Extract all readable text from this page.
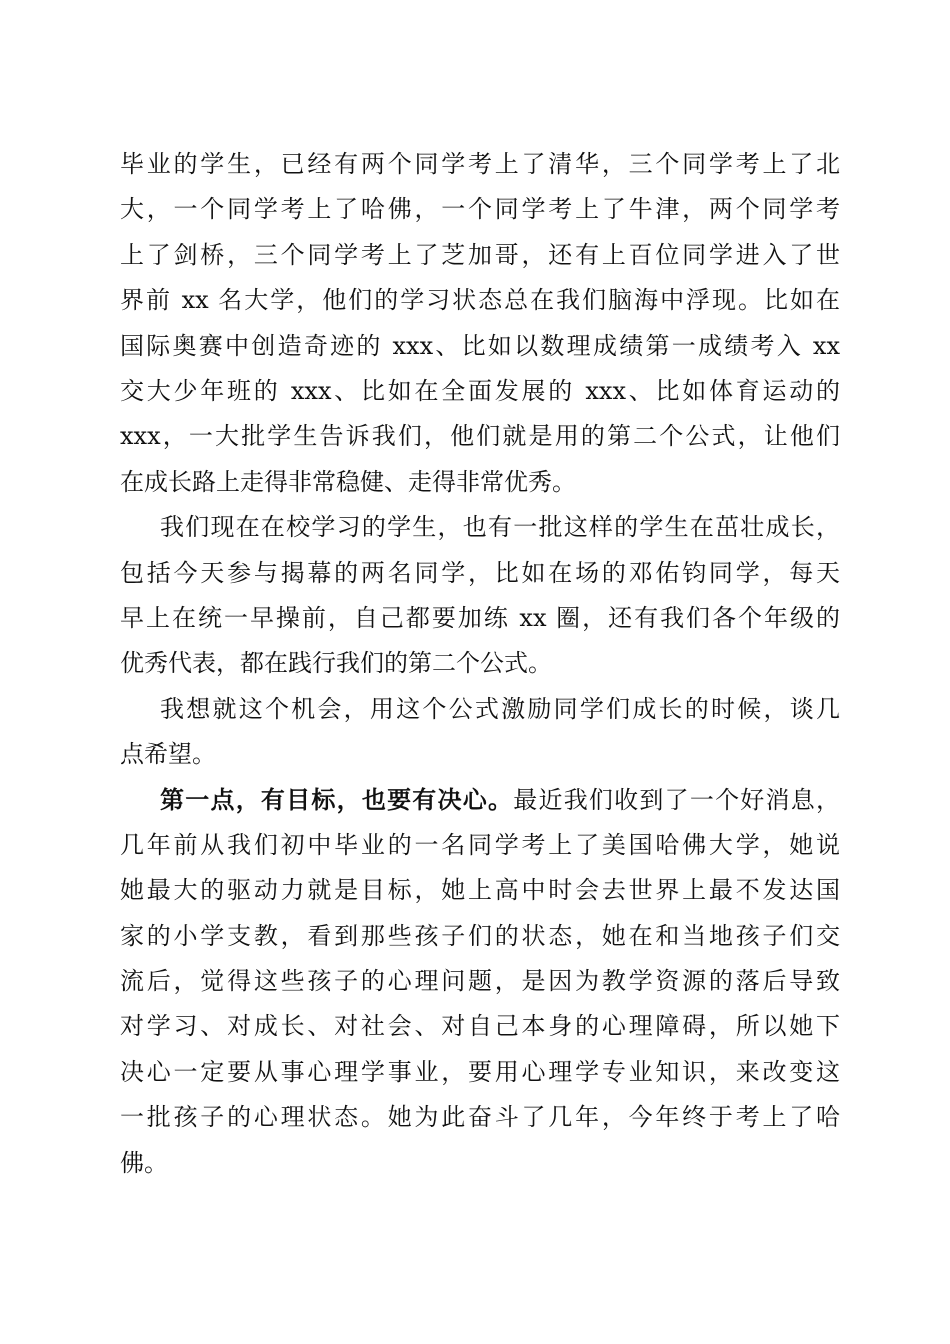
毕业的学生，已经有两个同学考上了清华，三个同学考上了北
大，一个同学考上了哈佛，一个同学考上了牛津，两个同学考
上了剑桥，三个同学考上了芝加哥，还有上百位同学进入了世
界前 xx 名大学，他们的学习状态总在我们脑海中浮现。比如在
国际奥赛中创造奇迹的 xxx、比如以数理成绩第一成绩考入 xx
交大少年班的 xxx、比如在全面发展的 xxx、比如体育运动的
xxx，一大批学生告诉我们，他们就是用的第二个公式，让他们
在成长路上走得非常稳健、走得非常优秀。
我们现在在校学习的学生，也有一批这样的学生在茁壮成长，
包括今天参与揭幕的两名同学，比如在场的邓佑钧同学，每天
早上在统一早操前，自己都要加练 xx 圈，还有我们各个年级的
优秀代表，都在践行我们的第二个公式。
我想就这个机会，用这个公式激励同学们成长的时候，谈几
点希望。
第一点，有目标，也要有决心。最近我们收到了一个好消息，
几年前从我们初中毕业的一名同学考上了美国哈佛大学，她说
她最大的驱动力就是目标，她上高中时会去世界上最不发达国
家的小学支教，看到那些孩子们的状态，她在和当地孩子们交
流后，觉得这些孩子的心理问题，是因为教学资源的落后导致
对学习、对成长、对社会、对自己本身的心理障碍，所以她下
决心一定要从事心理学事业，要用心理学专业知识，来改变这
一批孩子的心理状态。她为此奋斗了几年，今年终于考上了哈
佛。
